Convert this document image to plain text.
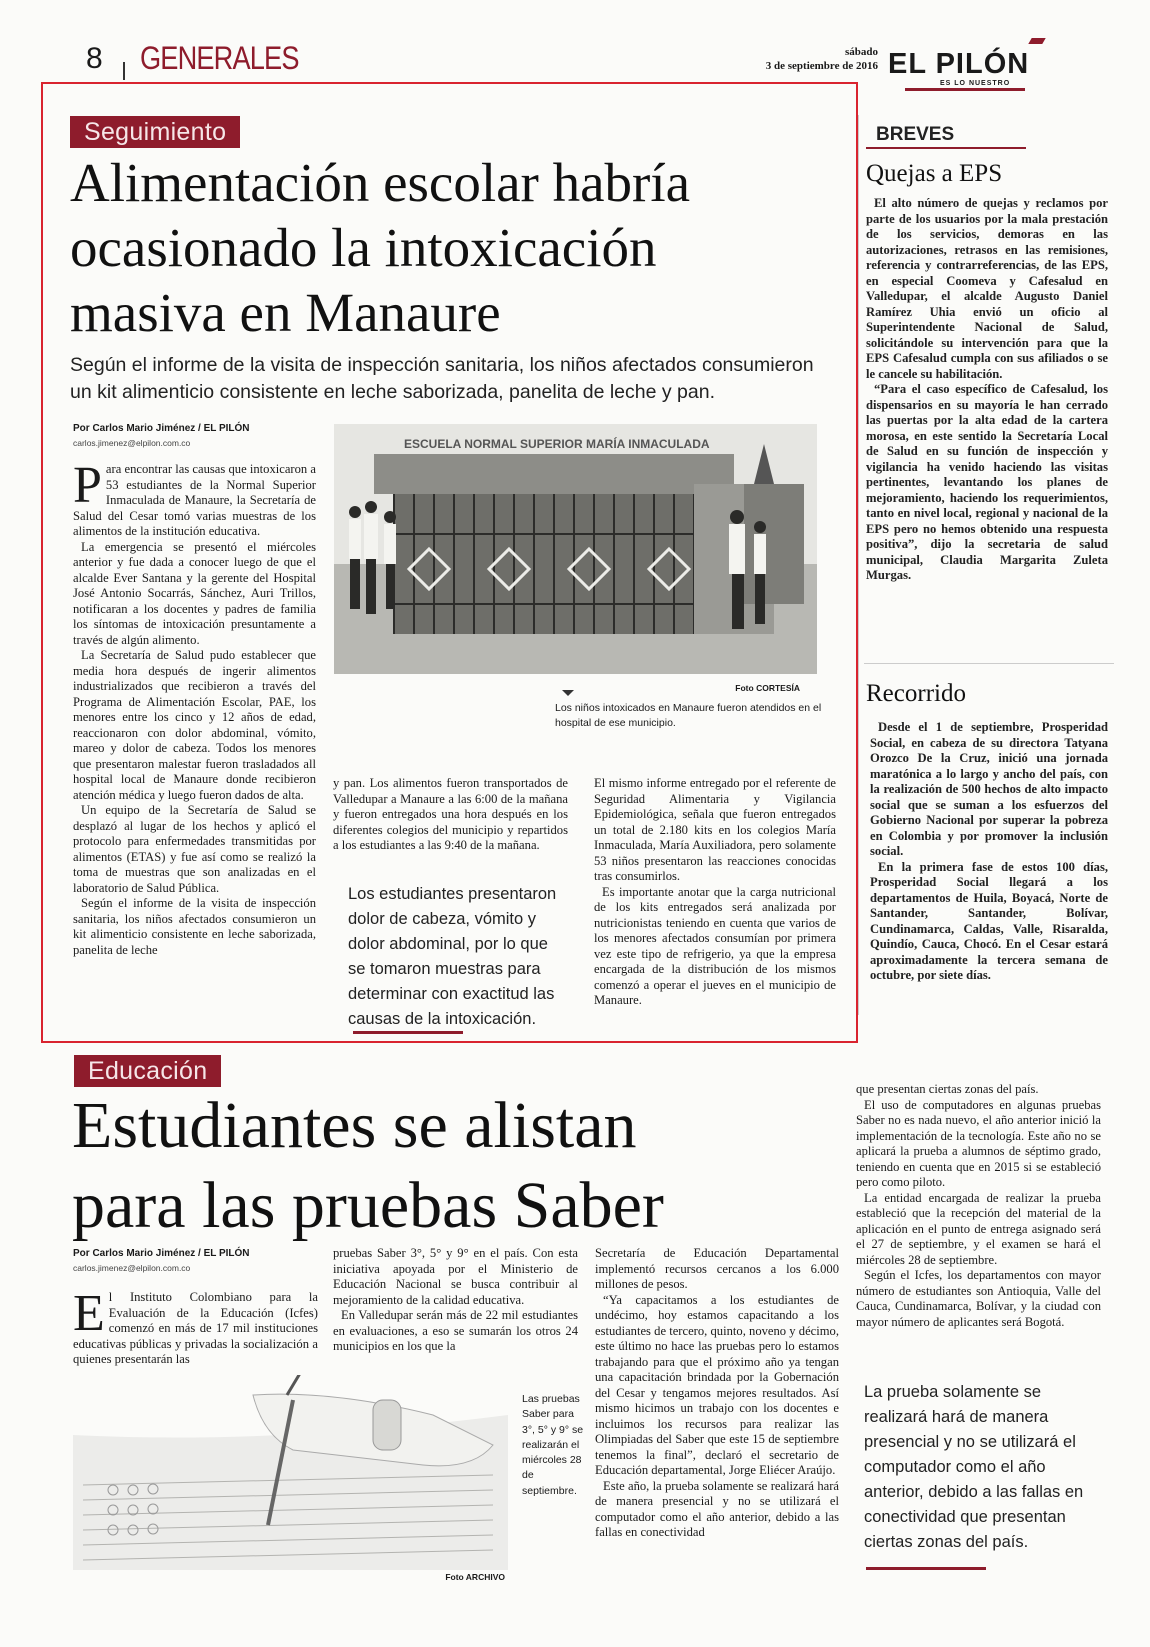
8 GENERALES	sábado
3 de septiembre de 2016 EL PILÓN
ES LO NUESTRO
Seguimiento
Alimentación escolar habría
ocasionado la intoxicación
masiva en Manaure
Según el informe de la visita de inspección sanitaria, los niños afectados consumieron un kit alimenticio consistente en leche saborizada, panelita de leche y pan.
Por Carlos Mario Jiménez / EL PILÓN
carlos.jimenez@elpilon.com.co
P ara encontrar las causas que intoxicaron a 53 estudiantes de la Normal Superior Inmaculada de Manaure, la Secretaría de Salud del Cesar tomó varias muestras de los alimentos de la institución educativa.

La emergencia se presentó el miércoles anterior y fue dada a conocer luego de que el alcalde Ever Santana y la gerente del Hospital José Antonio Socarrás, Sánchez, Auri Trillos, notificaran a los docentes y padres de familia los síntomas de intoxicación presuntamente a través de algún alimento.

La Secretaría de Salud pudo establecer que media hora después de ingerir alimentos industrializados que recibieron a través del Programa de Alimentación Escolar, PAE, los menores entre los cinco y 12 años de edad, reaccionaron con dolor abdominal, vómito, mareo y dolor de cabeza. Todos los menores que presentaron malestar fueron trasladados all hospital local de Manaure donde recibieron atención médica y luego fueron dados de alta.

Un equipo de la Secretaría de Salud se desplazó al lugar de los hechos y aplicó el protocolo para enfermedades transmitidas por alimentos (ETAS) y fue así como se realizó la toma de muestras que son analizadas en el laboratorio de Salud Pública.

Según el informe de la visita de inspección sanitaria, los niños afectados consumieron un kit alimenticio consistente en leche saborizada, panelita de leche

ESCUELA NORMAL SUPERIOR MARÍA INMACULADA
Foto CORTESÍA
Los niños intoxicados en Manaure fueron atendidos en el hospital de ese municipio.

y pan. Los alimentos fueron transportados de Valledupar a Manaure a las 6:00 de la mañana y fueron entregados una hora después en los diferentes colegios del municipio y repartidos a los estudiantes a las 9:40 de la mañana.

Los estudiantes presentaron dolor de cabeza, vómito y dolor abdominal, por lo que se tomaron muestras para determinar con exactitud las causas de la intoxicación.

El mismo informe entregado por el referente de Seguridad Alimentaria y Vigilancia Epidemiológica, señala que fueron entregados un total de 2.180 kits en los colegios María Inmaculada, María Auxiliadora, pero solamente 53 niños presentaron las reacciones conocidas tras consumirlos.

Es importante anotar que la carga nutricional de los kits entregados será analizada por nutricionistas teniendo en cuenta que varios de los menores afectados consumían por primera vez este tipo de refrigerio, ya que la empresa encargada de la distribución de los mismos comenzó a operar el jueves en el municipio de Manaure.

BREVES
Quejas a EPS

El alto número de quejas y reclamos por parte de los usuarios por la mala prestación de los servicios, demoras en las autorizaciones, retrasos en las remisiones, referencia y contrarreferencias, de las EPS, en especial Coomeva y Cafesalud en Valledupar, el alcalde Augusto Daniel Ramírez Uhia envió un oficio al Superintendente Nacional de Salud, solicitándole su intervención para que la EPS Cafesalud cumpla con sus afiliados o se le cancele su habilitación.

“Para el caso específico de Cafesalud, los dispensarios en su mayoría le han cerrado las puertas por la alta edad de la cartera morosa, en este sentido la Secretaría Local de Salud en su función de inspección y vigilancia ha venido haciendo las visitas pertinentes, levantando los planes de mejoramiento, haciendo los requerimientos, tanto en nivel local, regional y nacional de la EPS pero no hemos obtenido una respuesta positiva”, dijo la secretaria de salud municipal, Claudia Margarita Zuleta Murgas.

Recorrido

Desde el 1 de septiembre, Prosperidad Social, en cabeza de su directora Tatyana Orozco De la Cruz, inició una jornada maratónica a lo largo y ancho del país, con la realización de 500 hechos de alto impacto social que se suman a los esfuerzos del Gobierno Nacional por superar la pobreza en Colombia y por promover la inclusión social.

En la primera fase de estos 100 días, Prosperidad Social llegará a los departamentos de Huila, Boyacá, Norte de Santander, Santander, Bolívar, Cundinamarca, Caldas, Valle, Risaralda, Quindío, Cauca, Chocó. En el Cesar estará aproximadamente la tercera semana de octubre, por siete días.

Educación
Estudiantes se alistan
para las pruebas Saber
Por Carlos Mario Jiménez / EL PILÓN
carlos.jimenez@elpilon.com.co
E l Instituto Colombiano para la Evaluación de la Educación (Icfes) comenzó en más de 17 mil instituciones educativas públicas y privadas la socialización a quienes presentarán las

pruebas Saber 3°, 5° y 9° en el país. Con esta iniciativa apoyada por el Ministerio de Educación Nacional se busca contribuir al mejoramiento de la calidad educativa.

En Valledupar serán más de 22 mil estudiantes en evaluaciones, a eso se sumarán los otros 24 municipios en los que la

Las pruebas Saber para 3°, 5° y 9° se realizarán el miércoles 28 de septiembre.
Foto ARCHIVO

Secretaría de Educación Departamental implementó recursos cercanos a los 6.000 millones de pesos.

“Ya capacitamos a los estudiantes de undécimo, hoy estamos capacitando a los estudiantes de tercero, quinto, noveno y décimo, este último no hace las pruebas pero lo estamos trabajando para que el próximo año ya tengan una capacitación brindada por la Gobernación del Cesar y tengamos mejores resultados. Así mismo hicimos un trabajo con los docentes e incluimos los recursos para realizar las Olimpiadas del Saber que este 15 de septiembre tenemos la final”, declaró el secretario de Educación departamental, Jorge Eliécer Araújo.

Este año, la prueba solamente se realizará hará de manera presencial y no se utilizará el computador como el año anterior, debido a las fallas en conectividad

que presentan ciertas zonas del país.

El uso de computadores en algunas pruebas Saber no es nada nuevo, el año anterior inició la implementación de la tecnología. Este año no se aplicará la prueba a alumnos de séptimo grado, teniendo en cuenta que en 2015 si se estableció pero como piloto.

La entidad encargada de realizar la prueba estableció que la recepción del material de la aplicación en el punto de entrega asignado será el 27 de septiembre, y el examen se hará el miércoles 28 de septiembre.

Según el Icfes, los departamentos con mayor número de estudiantes son Antioquia, Valle del Cauca, Cundinamarca, Bolívar, y la ciudad con mayor número de aplicantes será Bogotá.

La prueba solamente se realizará hará de manera presencial y no se utilizará el computador como el año anterior, debido a las fallas en conectividad que presentan ciertas zonas del país.
